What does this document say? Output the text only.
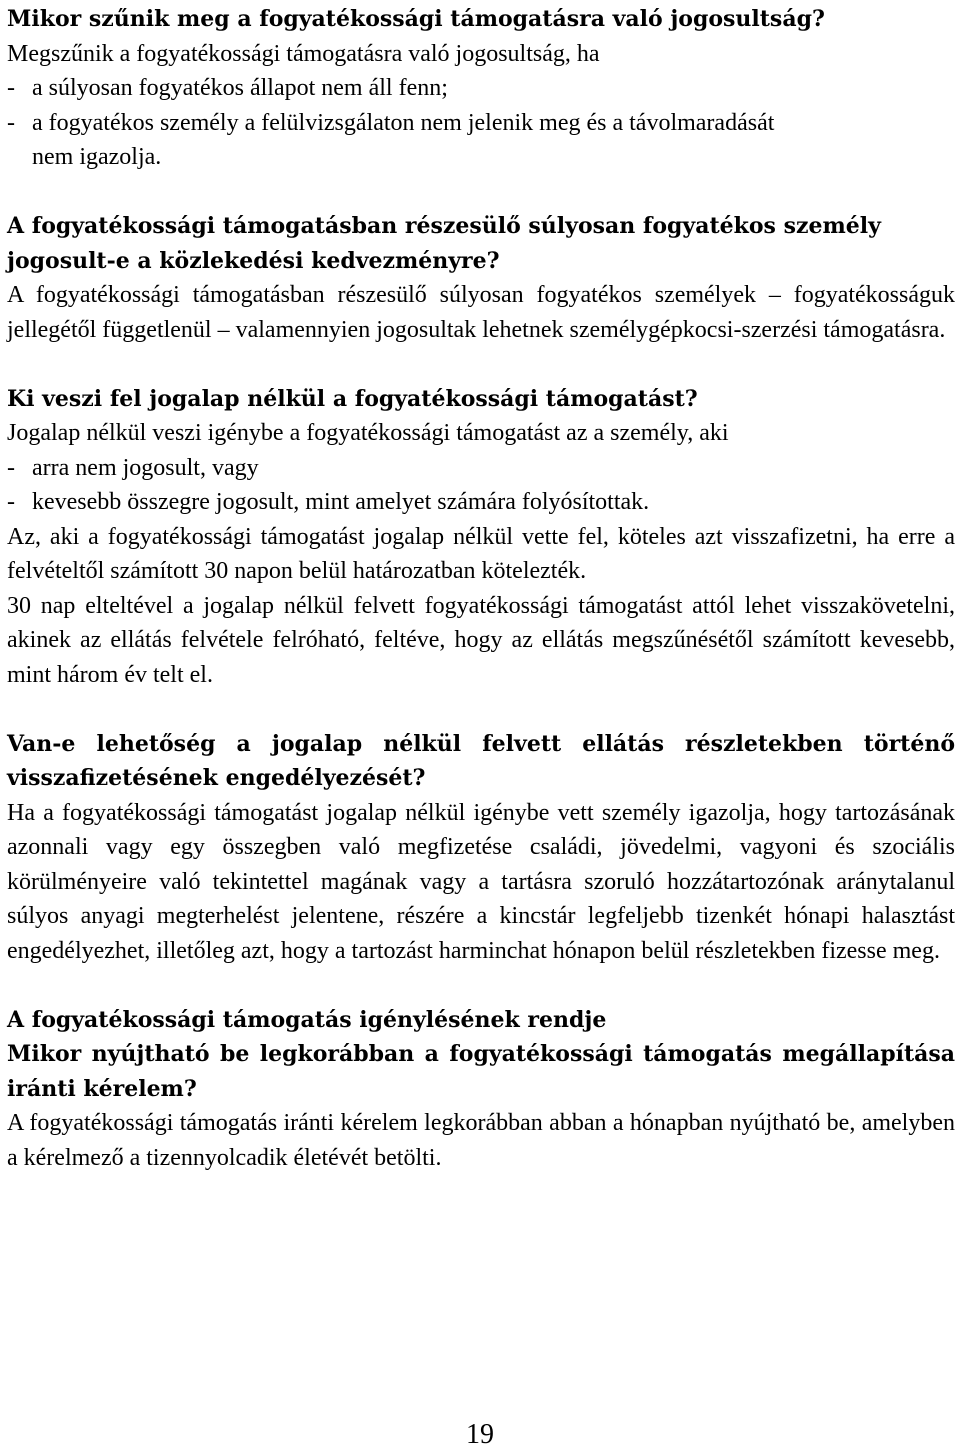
Mikor szűnik meg a fogyatékossági támogatásra való jogosultság?

Megszűnik a fogyatékossági támogatásra való jogosultság, ha

- a súlyosan fogyatékos állapot nem áll fenn;

- a fogyatékos személy a felülvizsgálaton nem jelenik meg és a távolmaradását

nem igazolja.

A fogyatékossági támogatásban részesülő súlyosan fogyatékos személy
jogosult-e a közlekedési kedvezményre?

A fogyatékossági támogatásban részesülő súlyosan fogyatékos személyek – fogyatékosságuk jellegétől függetlenül – valamennyien jogosultak lehetnek személygépkocsi-szerzési támogatásra.

Ki veszi fel jogalap nélkül a fogyatékossági támogatást?

Jogalap nélkül veszi igénybe a fogyatékossági támogatást az a személy, aki

- arra nem jogosult, vagy

- kevesebb összegre jogosult, mint amelyet számára folyósítottak.

Az, aki a fogyatékossági támogatást jogalap nélkül vette fel, köteles azt visszafizetni, ha erre a felvételtől számított 30 napon belül határozatban kötelezték.

30 nap elteltével a jogalap nélkül felvett fogyatékossági támogatást attól lehet visszakövetelni, akinek az ellátás felvétele felróható, feltéve, hogy az ellátás megszűnésétől számított kevesebb, mint három év telt el.

Van-e lehetőség a jogalap nélkül felvett ellátás részletekben történő visszafizetésének engedélyezését?

Ha a fogyatékossági támogatást jogalap nélkül igénybe vett személy igazolja, hogy tartozásának azonnali vagy egy összegben való megfizetése családi, jövedelmi, vagyoni és szociális körülményeire való tekintettel magának vagy a tartásra szoruló hozzátartozónak aránytalanul súlyos anyagi megterhelést jelentene, részére a kincstár legfeljebb tizenkét hónapi halasztást engedélyezhet, illetőleg azt, hogy a tartozást harminchat hónapon belül részletekben fizesse meg.

A fogyatékossági támogatás igénylésének rendje

Mikor nyújtható be legkorábban a fogyatékossági támogatás megállapítása iránti kérelem?

A fogyatékossági támogatás iránti kérelem legkorábban abban a hónapban nyújtható be, amelyben a kérelmező a tizennyolcadik életévét betölti.

19
